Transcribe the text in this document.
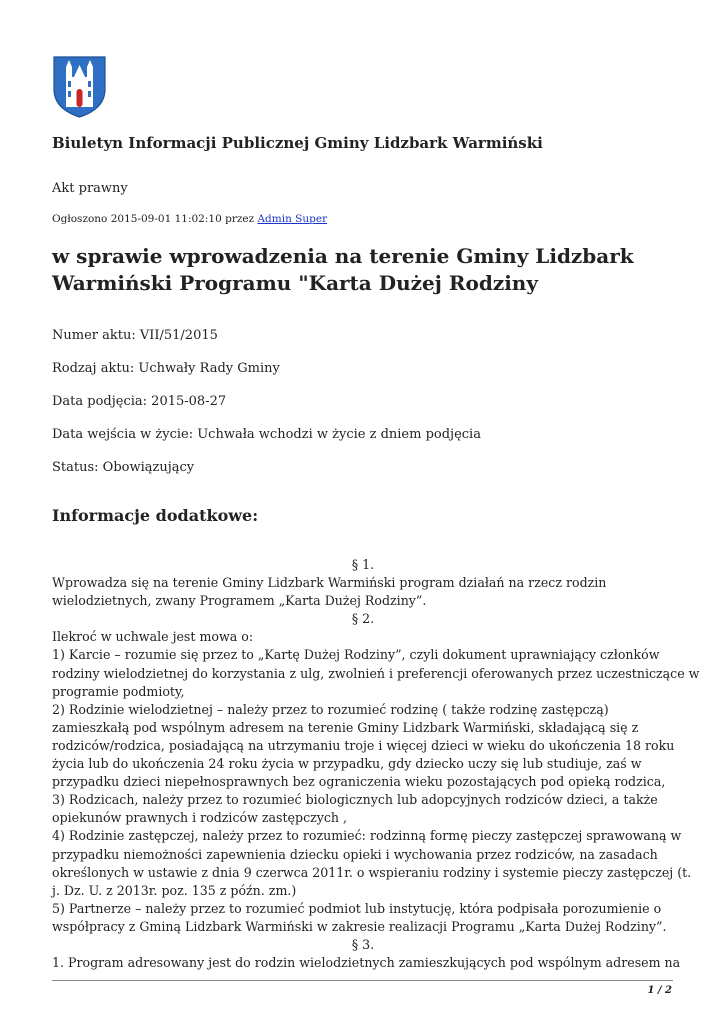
Biuletyn Informacji Publicznej Gminy Lidzbark Warmiński
Akt prawny
Ogłoszono 2015-09-01 11:02:10 przez Admin Super
w sprawie wprowadzenia na terenie Gminy Lidzbark Warmiński Programu "Karta Dużej Rodziny
Numer aktu: VII/51/2015
Rodzaj aktu: Uchwały Rady Gminy
Data podjęcia: 2015-08-27
Data wejścia w życie: Uchwała wchodzi w życie z dniem podjęcia
Status: Obowiązujący
Informacje dodatkowe:

§ 1.

Wprowadza się na terenie Gminy Lidzbark Warmiński program działań na rzecz rodzin

wielodzietnych, zwany Programem „Karta Dużej Rodziny”.

§ 2.

Ilekroć w uchwale jest mowa o:

1) Karcie – rozumie się przez to „Kartę Dużej Rodziny”, czyli dokument uprawniający członków

rodziny wielodzietnej do korzystania z ulg, zwolnień i preferencji oferowanych przez uczestniczące w

programie podmioty,

2) Rodzinie wielodzietnej – należy przez to rozumieć rodzinę ( także rodzinę zastępczą)

zamieszkałą pod wspólnym adresem na terenie Gminy Lidzbark Warmiński, składającą się z

rodziców/rodzica, posiadającą na utrzymaniu troje i więcej dzieci w wieku do ukończenia 18 roku

życia lub do ukończenia 24 roku życia w przypadku, gdy dziecko uczy się lub studiuje, zaś w

przypadku dzieci niepełnosprawnych bez ograniczenia wieku pozostających pod opieką rodzica,

3) Rodzicach, należy przez to rozumieć biologicznych lub adopcyjnych rodziców dzieci, a także

opiekunów prawnych i rodziców zastępczych ,

4) Rodzinie zastępczej, należy przez to rozumieć: rodzinną formę pieczy zastępczej sprawowaną w

przypadku niemożności zapewnienia dziecku opieki i wychowania przez rodziców, na zasadach

określonych w ustawie z dnia 9 czerwca 2011r. o wspieraniu rodziny i systemie pieczy zastępczej (t.

j. Dz. U. z 2013r. poz. 135 z późn. zm.)

5) Partnerze – należy przez to rozumieć podmiot lub instytucję, która podpisała porozumienie o

współpracy z Gminą Lidzbark Warmiński w zakresie realizacji Programu „Karta Dużej Rodziny”.

§ 3.

1. Program adresowany jest do rodzin wielodzietnych zamieszkujących pod wspólnym adresem na

1 / 2
